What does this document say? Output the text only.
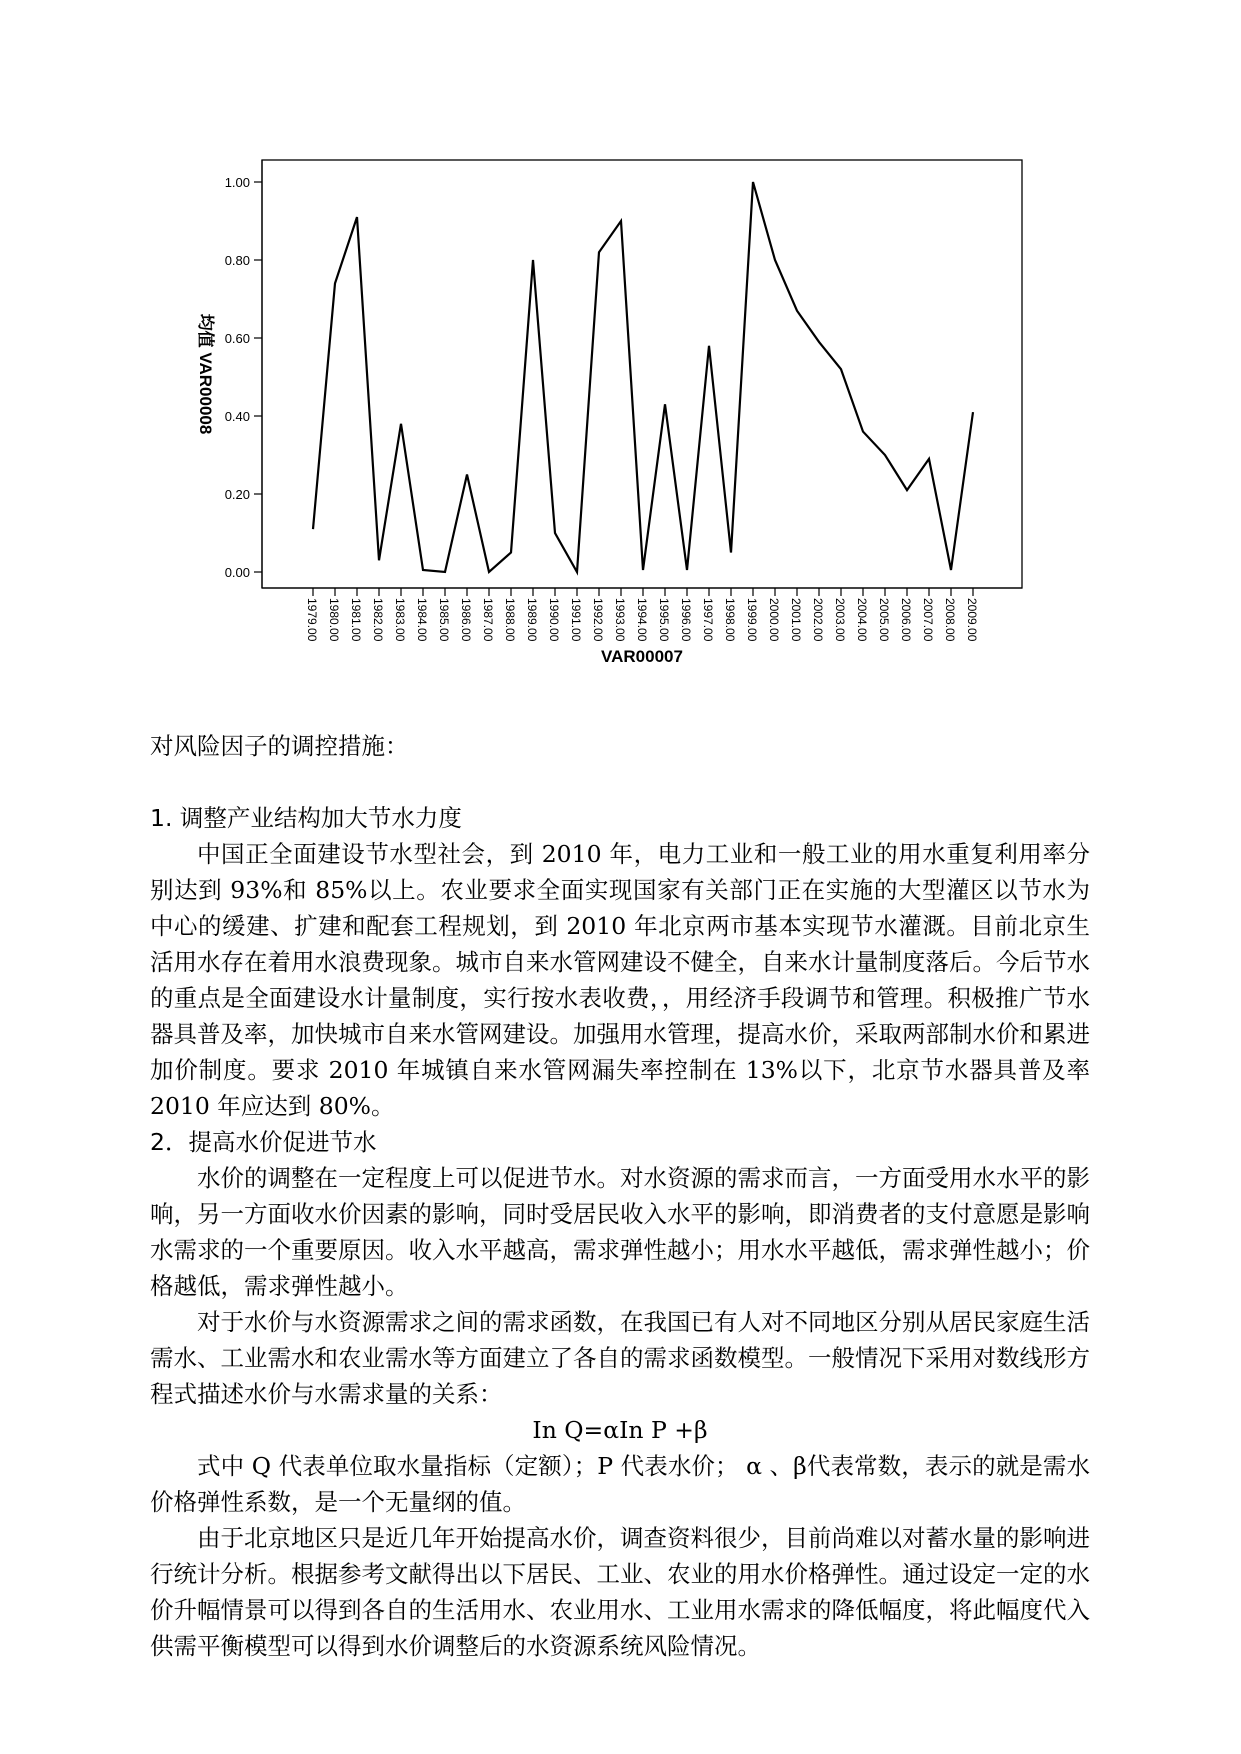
0.00
0.20
0.40
0.60
0.80
1.00
1979.00 1980.00 1981.00 1982.00 1983.00 1984.00 1985.00 1986.00 1987.00 1988.00 1989.00 1990.00 1991.00 1992.00 1993.00 1994.00 1995.00 1996.00 1997.00 1998.00 1999.00 2000.00 2001.00 2002.00 2003.00 2004.00 2005.00 2006.00 2007.00 2008.00 2009.00
VAR00007
均值 VAR00008

对风险因子的调控措施：

1. 调整产业结构加大节水力度

中国正全面建设节水型社会，到 2010 年，电力工业和一般工业的用水重复利用率分别达到 93%和 85%以上。农业要求全面实现国家有关部门正在实施的大型灌区以节水为中心的缓建、扩建和配套工程规划，到 2010 年北京两市基本实现节水灌溉。目前北京生活用水存在着用水浪费现象。城市自来水管网建设不健全，自来水计量制度落后。今后节水的重点是全面建设水计量制度，实行按水表收费，，用经济手段调节和管理。积极推广节水器具普及率，加快城市自来水管网建设。加强用水管理，提高水价，采取两部制水价和累进加价制度。要求 2010 年城镇自来水管网漏失率控制在 13%以下，北京节水器具普及率 2010 年应达到 80%。

2．提高水价促进节水

水价的调整在一定程度上可以促进节水。对水资源的需求而言，一方面受用水水平的影响，另一方面收水价因素的影响，同时受居民收入水平的影响，即消费者的支付意愿是影响水需求的一个重要原因。收入水平越高，需求弹性越小；用水水平越低，需求弹性越小；价格越低，需求弹性越小。

对于水价与水资源需求之间的需求函数，在我国已有人对不同地区分别从居民家庭生活需水、工业需水和农业需水等方面建立了各自的需求函数模型。一般情况下采用对数线形方程式描述水价与水需求量的关系：

In Q=αIn P +β

式中 Q 代表单位取水量指标（定额）；P 代表水价； α 、β代表常数，表示的就是需水价格弹性系数，是一个无量纲的值。

由于北京地区只是近几年开始提高水价，调查资料很少，目前尚难以对蓄水量的影响进行统计分析。根据参考文献得出以下居民、工业、农业的用水价格弹性。通过设定一定的水价升幅情景可以得到各自的生活用水、农业用水、工业用水需求的降低幅度，将此幅度代入供需平衡模型可以得到水价调整后的水资源系统风险情况。
